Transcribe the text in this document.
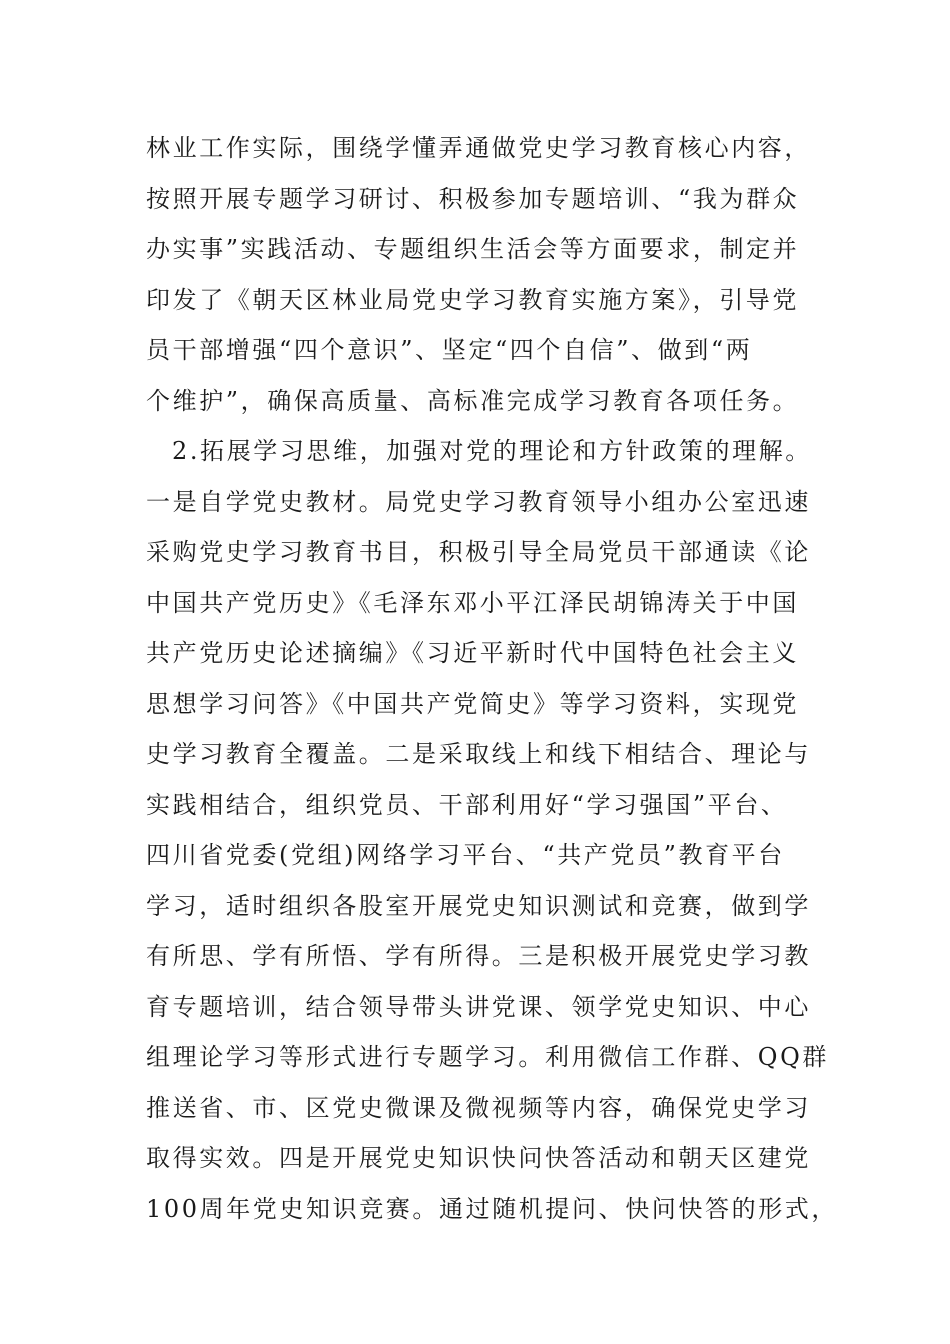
林业工作实际，围绕学懂弄通做党史学习教育核心内容，
按照开展专题学习研讨、积极参加专题培训、“我为群众
办实事”实践活动、专题组织生活会等方面要求，制定并
印发了《朝天区林业局党史学习教育实施方案》，引导党
员干部增强“四个意识”、坚定“四个自信”、做到“两
个维护”，确保高质量、高标准完成学习教育各项任务。
2.拓展学习思维，加强对党的理论和方针政策的理解。
一是自学党史教材。局党史学习教育领导小组办公室迅速
采购党史学习教育书目，积极引导全局党员干部通读《论
中国共产党历史》《毛泽东邓小平江泽民胡锦涛关于中国
共产党历史论述摘编》《习近平新时代中国特色社会主义
思想学习问答》《中国共产党简史》等学习资料，实现党
史学习教育全覆盖。二是采取线上和线下相结合、理论与
实践相结合，组织党员、干部利用好“学习强国”平台、
四川省党委(党组)网络学习平台、“共产党员”教育平台
学习，适时组织各股室开展党史知识测试和竞赛，做到学
有所思、学有所悟、学有所得。三是积极开展党史学习教
育专题培训，结合领导带头讲党课、领学党史知识、中心
组理论学习等形式进行专题学习。利用微信工作群、QQ群
推送省、市、区党史微课及微视频等内容，确保党史学习
取得实效。四是开展党史知识快问快答活动和朝天区建党
100周年党史知识竞赛。通过随机提问、快问快答的形式，
